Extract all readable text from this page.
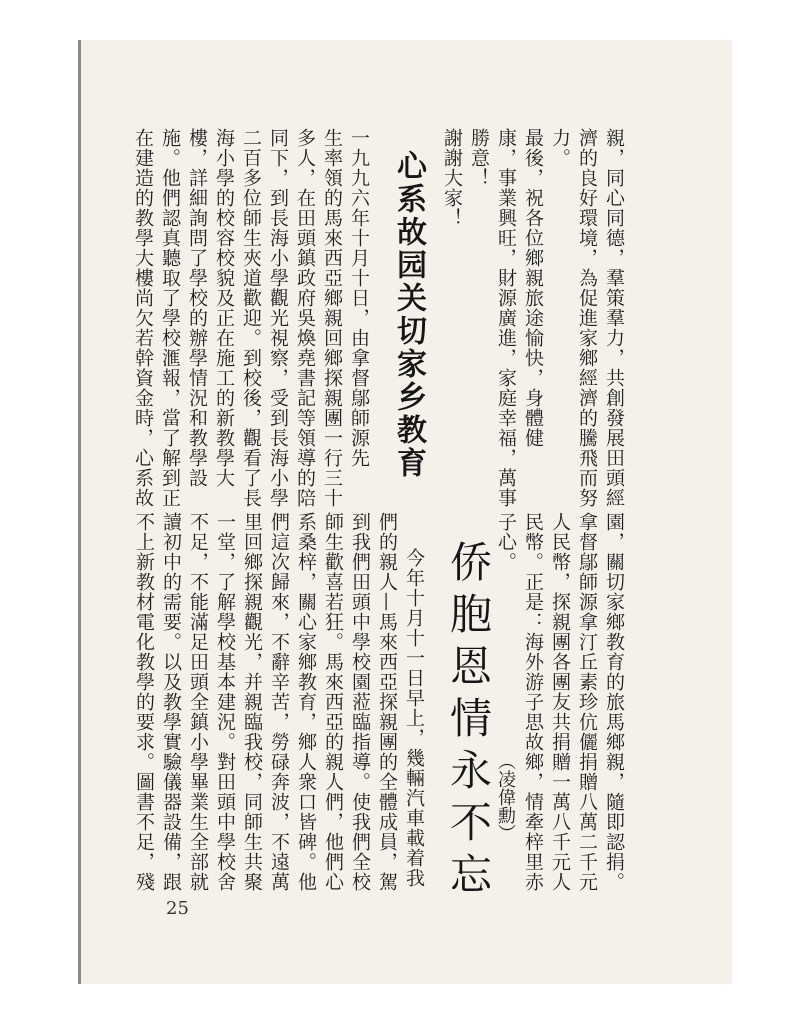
親，同心同德，羣策羣力，共創發展田頭經
濟的良好環境，為促進家鄉經濟的騰飛而努
力。
最後，祝各位鄉親旅途愉快，身體健
康，事業興旺，財源廣進，家庭幸福，萬事
勝意！
謝謝大家！
心系故园关切家乡教育
一九九六年十月十日，由拿督鄔師源先
生率領的馬來西亞鄉親回鄉探親團一行三十
多人，在田頭鎮政府吳煥堯書記等領導的陪
同下，到長海小學觀光視察，受到長海小學
二百多位師生夾道歡迎。到校後，觀看了長
海小學的校容校貌及正在施工的新教學大
樓，詳細詢問了學校的辦學情況和教學設
施。他們認真聽取了學校滙報，當了解到正
在建造的教學大樓尚欠若幹資金時，心系故
園，關切家鄉教育的旅馬鄉親，隨即認捐。
拿督鄔師源拿汀丘素珍伉儷捐贈八萬二千元
人民幣，探親團各團友共捐贈一萬八千元人
民幣。正是：海外游子思故鄉，情牽梓里赤
子心。
侨胞恩情永不忘 （凌偉勳）
今年十月十一日早上，幾輛汽車載着我
們的親人—馬來西亞探親團的全體成員，駕
到我們田頭中學校園蒞臨指導。使我們全校
師生歡喜若狂。馬來西亞的親人們，他們心
系桑梓，關心家鄉教育，鄉人衆口皆碑。他
們這次歸來，不辭辛苦，勞碌奔波，不遠萬
里回鄉探親觀光，并親臨我校，同師生共聚
一堂，了解學校基本建況。對田頭中學校舍
不足，不能滿足田頭全鎮小學畢業生全部就
讀初中的需要。以及教學實驗儀器設備，跟
不上新教材電化教學的要求。圖書不足，殘
25
